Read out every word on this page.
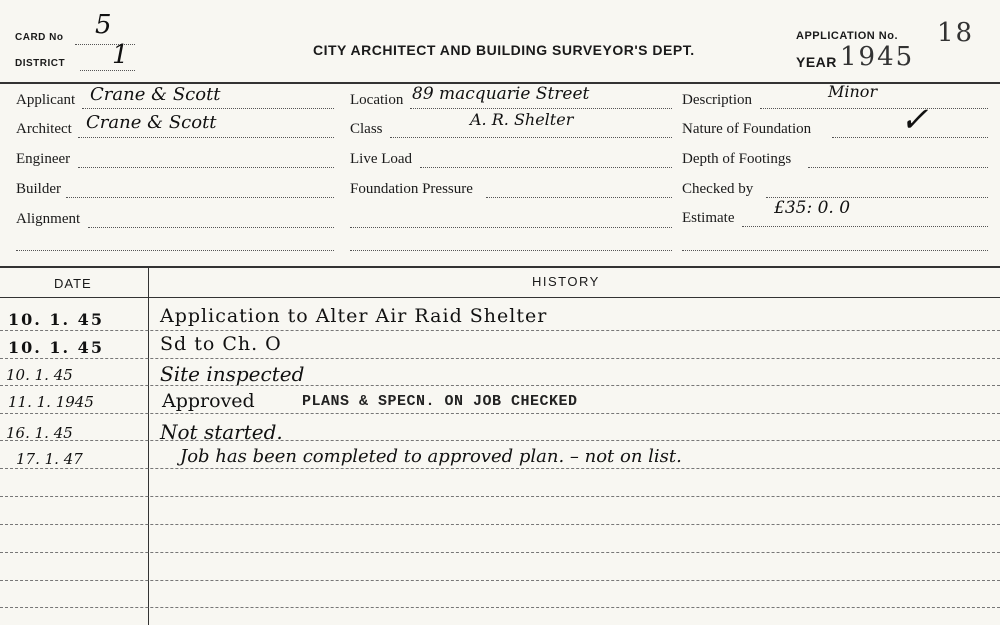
CARD No 5
DISTRICT 1	CITY ARCHITECT AND BUILDING SURVEYOR'S DEPT.
APPLICATION No. 18
YEAR 1945
Applicant Crane & Scott
Architect Crane & Scott
Engineer
Builder
Alignment
Location 89 macquarie Street
Class	A. R. Shelter
Live Load
Foundation Pressure
Description	Minor
Nature of Foundation	✓
Depth of Footings
Checked by
Estimate £35: 0. 0
DATE	HISTORY
10. 1. 45	Application to Alter Air Raid Shelter
10. 1. 45	Sd to Ch. O
10. 1. 45	Site inspected
11. 1. 1945	Approved	PLANS & SPECN. ON JOB CHECKED
16. 1. 45	Not started.
17. 1. 47	Job has been completed to approved plan. – not on list.
